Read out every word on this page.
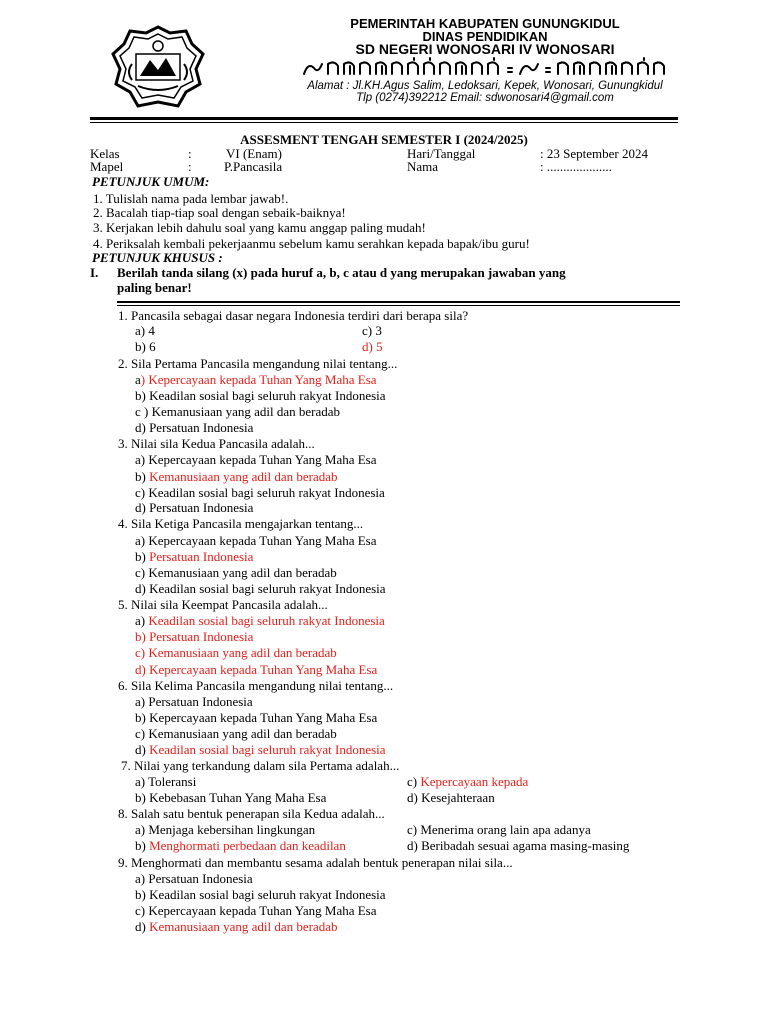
PEMERINTAH KABUPATEN GUNUNGKIDUL
DINAS PENDIDIKAN
SD NEGERI WONOSARI IV WONOSARI
Alamat : Jl.KH.Agus Salim, Ledoksari, Kepek, Wonosari, Gunungkidul
Tlp (0274)392212 Email: sdwonosari4@gmail.com
ASSESMENT TENGAH SEMESTER I (2024/2025)
Kelas	:	VI (Enam)	Hari/Tanggal	: 23 September 2024
Mapel	: P.Pancasila	Nama	: ....................
PETUNJUK UMUM:
1. Tulislah nama pada lembar jawab!.
2. Bacalah tiap-tiap soal dengan sebaik-baiknya!
3. Kerjakan lebih dahulu soal yang kamu anggap paling mudah!
4. Periksalah kembali pekerjaanmu sebelum kamu serahkan kepada bapak/ibu guru!
PETUNJUK KHUSUS :
I. Berilah tanda silang (x) pada huruf a, b, c atau d yang merupakan jawaban yang
paling benar!
1. Pancasila sebagai dasar negara Indonesia terdiri dari berapa sila?
a) 4	c) 3
b) 6	d) 5
2. Sila Pertama Pancasila mengandung nilai tentang...
a) Kepercayaan kepada Tuhan Yang Maha Esa
b) Keadilan sosial bagi seluruh rakyat Indonesia
c ) Kemanusiaan yang adil dan beradab
d) Persatuan Indonesia
3. Nilai sila Kedua Pancasila adalah...
a) Kepercayaan kepada Tuhan Yang Maha Esa
b) Kemanusiaan yang adil dan beradab
c) Keadilan sosial bagi seluruh rakyat Indonesia
d) Persatuan Indonesia
4. Sila Ketiga Pancasila mengajarkan tentang...
a) Kepercayaan kepada Tuhan Yang Maha Esa
b) Persatuan Indonesia
c) Kemanusiaan yang adil dan beradab
d) Keadilan sosial bagi seluruh rakyat Indonesia
5. Nilai sila Keempat Pancasila adalah...
a) Keadilan sosial bagi seluruh rakyat Indonesia
b) Persatuan Indonesia
c) Kemanusiaan yang adil dan beradab
d) Kepercayaan kepada Tuhan Yang Maha Esa
6. Sila Kelima Pancasila mengandung nilai tentang...
a) Persatuan Indonesia
b) Kepercayaan kepada Tuhan Yang Maha Esa
c) Kemanusiaan yang adil dan beradab
d) Keadilan sosial bagi seluruh rakyat Indonesia
7. Nilai yang terkandung dalam sila Pertama adalah...
a) Toleransi	c) Kepercayaan kepada
b) Kebebasan Tuhan Yang Maha Esa	d) Kesejahteraan
8. Salah satu bentuk penerapan sila Kedua adalah...
a) Menjaga kebersihan lingkungan	c) Menerima orang lain apa adanya
b) Menghormati perbedaan dan keadilan	d) Beribadah sesuai agama masing-masing
9. Menghormati dan membantu sesama adalah bentuk penerapan nilai sila...
a) Persatuan Indonesia
b) Keadilan sosial bagi seluruh rakyat Indonesia
c) Kepercayaan kepada Tuhan Yang Maha Esa
d) Kemanusiaan yang adil dan beradab
